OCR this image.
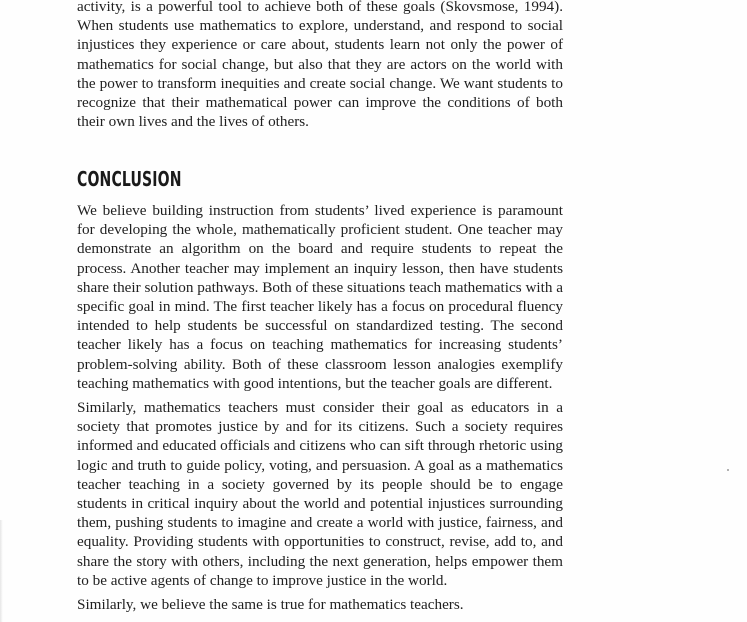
activity, is a powerful tool to achieve both of these goals (Skovsmose, 1994). When students use mathematics to explore, understand, and respond to social injustices they experience or care about, students learn not only the power of mathematics for social change, but also that they are actors on the world with the power to transform inequities and create social change. We want students to recognize that their mathematical power can improve the conditions of both their own lives and the lives of others.

CONCLUSION

We believe building instruction from students’ lived experience is paramount for developing the whole, mathematically proficient student. One teacher may demonstrate an algorithm on the board and require students to repeat the process. Another teacher may implement an inquiry lesson, then have students share their solution pathways. Both of these situations teach mathematics with a specific goal in mind. The first teacher likely has a focus on procedural fluency intended to help students be successful on standardized testing. The second teacher likely has a focus on teaching mathematics for increasing students’ problem-solving ability. Both of these classroom lesson analogies exemplify teaching mathematics with good intentions, but the teacher goals are different.

Similarly, mathematics teachers must consider their goal as educators in a society that promotes justice by and for its citizens. Such a society requires informed and educated officials and citizens who can sift through rhetoric using logic and truth to guide policy, voting, and persuasion. A goal as a mathematics teacher teaching in a society governed by its people should be to engage students in critical inquiry about the world and potential injustices surrounding them, pushing students to imagine and create a world with justice, fairness, and equality. Providing students with opportunities to construct, revise, add to, and share the story with others, including the next generation, helps empower them to be active agents of change to improve justice in the world.

Similarly, we believe the same is true for mathematics teachers.
